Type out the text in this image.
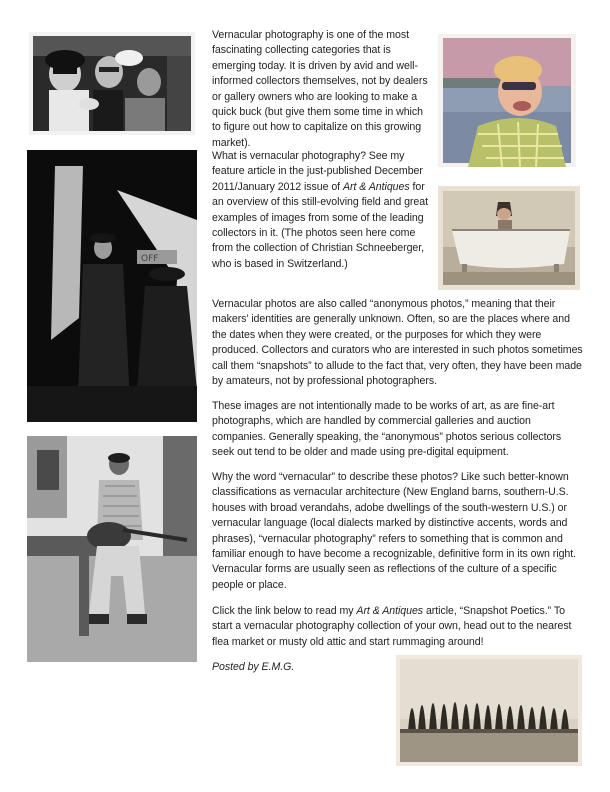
OFF

Vernacular photography is one of the most fascinating collecting categories that is emerging today. It is driven by avid and well-informed collectors themselves, not by dealers or gallery owners who are looking to make a quick buck (but give them some time in which to figure out how to capitalize on this growing market).

What is vernacular photography? See my feature article in the just-published December 2011/January 2012 issue of Art & Antiques for an overview of this still-evolving field and great examples of images from some of the leading collectors in it. (The photos seen here come from the collection of Christian Schneeberger, who is based in Switzerland.)

Vernacular photos are also called “anonymous photos,” meaning that their makers’ identities are generally unknown. Often, so are the places where and the dates when they were created, or the purposes for which they were produced. Collectors and curators who are interested in such photos sometimes call them “snapshots” to allude to the fact that, very often, they have been made by amateurs, not by professional photographers.

These images are not intentionally made to be works of art, as are fine-art photographs, which are handled by commercial galleries and auction companies. Generally speaking, the “anonymous” photos serious collectors seek out tend to be older and made using pre-digital equipment.

Why the word “vernacular” to describe these photos? Like such better-known classifications as vernacular architecture (New England barns, southern-U.S. houses with broad verandahs, adobe dwellings of the south-western U.S.) or vernacular language (local dialects marked by distinctive accents, words and phrases), “vernacular photography” refers to something that is common and familiar enough to have become a recognizable, definitive form in its own right. Vernacular forms are usually seen as reflections of the culture of a specific people or place.

Click the link below to read my Art & Antiques article, “Snapshot Poetics.” To start a vernacular photography collection of your own, head out to the nearest flea market or musty old attic and start rummaging around!

Posted by E.M.G.
